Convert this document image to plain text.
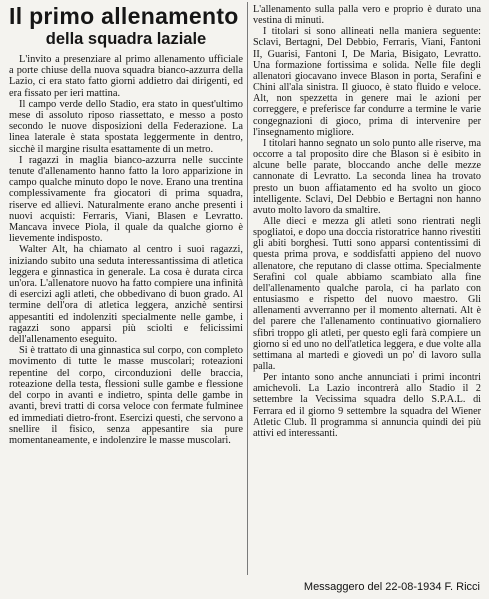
Il primo allenamento
della squadra laziale

L'invito a presenziare al primo allenamento ufficiale a porte chiuse della nuova squadra bianco-azzurra della Lazio, ci era stato fatto giorni addietro dai dirigenti, ed era fissato per ieri mattina.

Il campo verde dello Stadio, era stato in quest'ultimo mese di assoluto riposo riassettato, e messo a posto secondo le nuove disposizioni della Federazione. La linea laterale è stata spostata leggermente in dentro, sicchè il margine risulta esattamente di un metro.

I ragazzi in maglia bianco-azzurra nelle succinte tenute d'allenamento hanno fatto la loro apparizione in campo qualche minuto dopo le nove. Erano una trentina complessivamente fra giocatori di prima squadra, riserve ed allievi. Naturalmente erano anche presenti i nuovi acquisti: Ferraris, Viani, Blasen e Levratto. Mancava invece Piola, il quale da qualche giorno è lievemente indisposto.

Walter Alt, ha chiamato al centro i suoi ragazzi, iniziando subito una seduta interessantissima di atletica leggera e ginnastica in generale. La cosa è durata circa un'ora. L'allenatore nuovo ha fatto compiere una infinità di esercizi agli atleti, che obbedivano di buon grado. Al termine dell'ora di atletica leggera, anzichè sentirsi appesantiti ed indolenziti specialmente nelle gambe, i ragazzi sono apparsi più sciolti e felicissimi dell'allenamento eseguito.

Si è trattato di una ginnastica sul corpo, con completo movimento di tutte le masse muscolari; roteazioni repentine del corpo, circonduzioni delle braccia, roteazione della testa, flessioni sulle gambe e flessione del corpo in avanti e indietro, spinta delle gambe in avanti, brevi tratti di corsa veloce con fermate fulminee ed immediati dietro-front. Esercizi questi, che servono a snellire il fisico, senza appesantire sia pure momentaneamente, e indolenzire le masse muscolari.

L'allenamento sulla palla vero e proprio è durato una vestina di minuti.

I titolari si sono allineati nella maniera seguente: Sclavi, Bertagni, Del Debbio, Ferraris, Viani, Fantoni II, Guarisi, Fantoni I, De Maria, Bisigato, Levratto. Una formazione fortissima e solida. Nelle file degli allenatori giocavano invece Blason in porta, Serafini e Chini all'ala sinistra. Il giuoco, è stato fluido e veloce. Alt, non spezzetta in genere mai le azioni per correggere, e preferisce far condurre a termine le varie congegnazioni di gioco, prima di intervenire per l'insegnamento migliore.

I titolari hanno segnato un solo punto alle riserve, ma occorre a tal proposito dire che Blason si è esibito in alcune belle parate, bloccando anche delle mezze cannonate di Levratto. La seconda linea ha trovato presto un buon affiatamento ed ha svolto un gioco intelligente. Sclavi, Del Debbio e Bertagni non hanno avuto molto lavoro da smaltire.

Alle dieci e mezza gli atleti sono rientrati negli spogliatoi, e dopo una doccia ristoratrice hanno rivestiti gli abiti borghesi. Tutti sono apparsi contentissimi di questa prima prova, e soddisfatti appieno del nuovo allenatore, che reputano di classe ottima. Specialmente Serafini col quale abbiamo scambiato alla fine dell'allenamento qualche parola, ci ha parlato con entusiasmo e rispetto del nuovo maestro. Gli allenamenti avverranno per il momento alternati. Alt è del parere che l'allenamento continuativo giornaliero sfibri troppo gli atleti, per questo egli farà compiere un giorno si ed uno no dell'atletica leggera, e due volte alla settimana al martedì e giovedì un po' di lavoro sulla palla.

Per intanto sono anche annunciati i primi incontri amichevoli. La Lazio incontrerà allo Stadio il 2 settembre la Vecissima squadra dello S.P.A.L. di Ferrara ed il giorno 9 settembre la squadra del Wiener Atletic Club. Il programma si annuncia quindi dei più attivi ed interessanti.

Messaggero del 22-08-1934 F. Ricci
